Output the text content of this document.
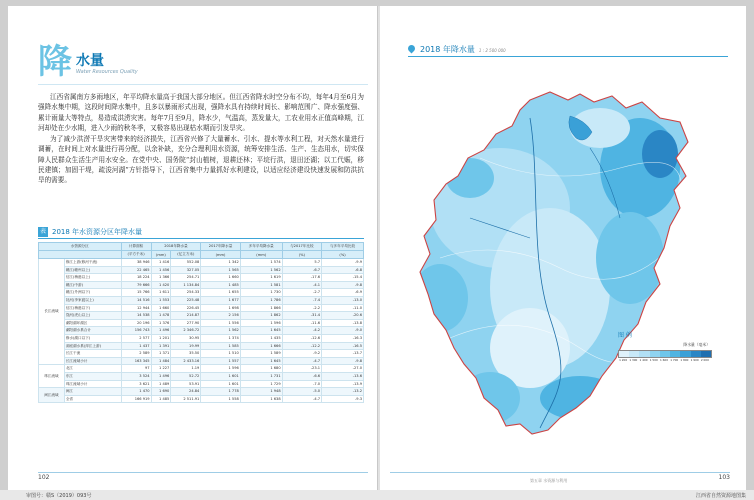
降 水量
Water Resources Quality

江西省属南方多雨地区，年平均降水量高于我国大部分地区。但江西省降水时空分布不均，每年4月至6月为强降水集中期，这段时间降水集中，且多以暴雨形式出现，强降水具有持续时间长、影响范围广、降水强度强、累计雨量大等特点，易造成洪涝灾害。每年7月至9月，降水少，气温高，蒸发量大，工农业用水正值高峰期，江河却处在少水期，进入少雨的秋冬季，又极容易出现枯水期而引发旱灾。

为了减少洪涝干旱灾害带来的经济损失，江西省兴修了大量蓄水、引水、提水等水利工程，对天然水量进行调蓄，在时间上对水量进行再分配，以余补缺，充分合理利用水资源，统筹安排生活、生产、生态用水，切实保障人民群众生活生产用水安全。在党中央、国务院“封山植树，退耕还林；平垸行洪，退田还湖；以工代赈，移民建镇；加固干堤，疏浚河湖”方针指导下，江西省集中力量抓好水利建设，以适应经济建设快速发展和防洪抗旱的需要。

表 2018 年水资源分区年降水量
水资源分区		计算面积	2018年降水量		2017年降水量	多年平均降水量	与2017年比较	与多年平均比较
		(平方千米)	(mm)	(亿立方米)	(mm)	(mm)	(%)	(%)
长江流域	修江上游(修河干流)	38 946	1 416	552.08	1 342	1 574	5.7	-9.9
	赣江(赣州以上)	22 465	1 456	327.05	1 565	1 562	-6.7	-6.8
	信江(梅港以上)	18 224	1 366	254.71	1 660	1 619	-17.6	-15.4
	赣江(中游)	79 666	1 420	1 134.84	1 485	1 581	-4.1	-9.8
	赣江(外洲以下)	15 766	1 611	254.33	1 655	1 730	-2.7	-6.9
	抚河(李家渡以上)	14 516	1 553	225.48	1 677	1 786	-7.4	-13.0
	信江(梅港以下)	12 944	1 660	226.45	1 698	1 866	-2.2	-11.0
	饶河(虎山以上)	14 538	1 478	214.87	2 156	1 862	-31.4	-20.6
	鄱阳湖环湖区	20 196	1 376	277.90	1 556	1 596	-11.6	-13.8
	鄱阳湖水系合计	156 743	1 496	2 346.72	1 562	1 645	-4.2	-9.0
	修水(湖口以下)	2 577	1 201	30.95	1 374	1 435	-12.6	-16.3
	洞庭湖水系(萍江上游)	1 437	1 391	19.99	1 585	1 666	-12.2	-16.5
	长江干流	2 589	1 371	35.50	1 510	1 589	-9.2	-13.7
	长江流域小计	163 345	1 484	2 433.16	1 557	1 645	-4.7	-9.8
珠江流域	北江	97	1 227	1.19	1 596	1 680	-23.1	-27.0
	东江	3 524	1 496	52.72	1 601	1 731	-6.6	-13.6
	珠江流域小计	3 621	1 489	53.91	1 601	1 729	-7.0	-13.9
闽江流域	闽江	1 470	1 690	24.84	1 778	1 948	-5.0	-13.2
	全省	166 919	1 485	2 511.91	1 558	1 638	-4.7	-9.3
102
2018 年降水量 1 : 2 500 000
图 例
降水量（毫米）
1 200 1 300 1 400 1 500 1 600 1 700 1 800 1 900 2 000
第五章 水资源与利用	103
审图号：赣S（2019）093号	江西省自然资源地图集
